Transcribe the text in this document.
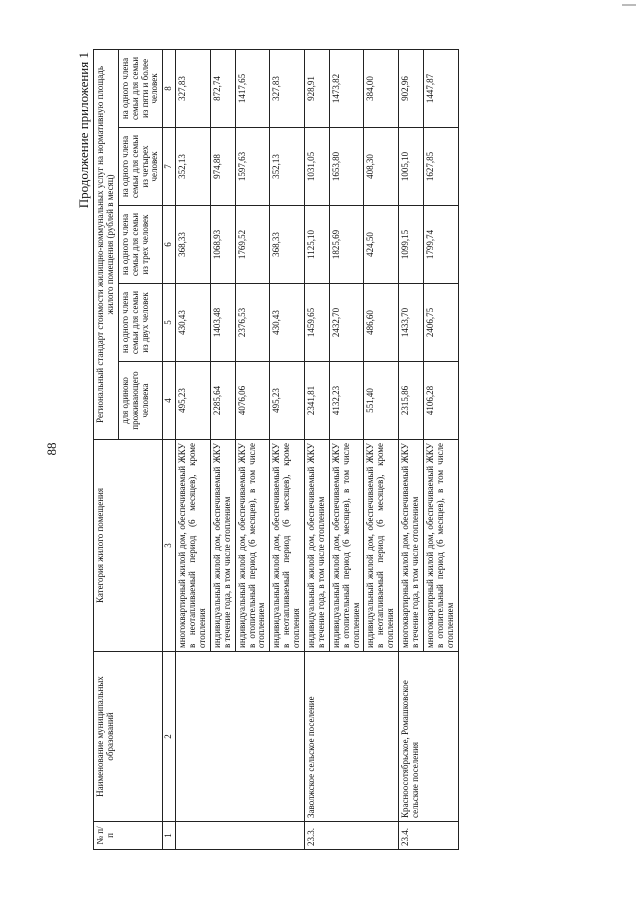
88
Продолжение приложения 1
№ п/п	Наименование муниципальных образований	Категория жилого помещения	Региональный стандарт стоимости жилищно-коммунальных услуг на нормативную площадь жилого помещения (рублей в месяц)				
			для одиноко проживающего человека	на одного члена семьи для семьи из двух человек	на одного члена семьи для семьи из трех человек	на одного члена семьи для семьи из четырех человек	на одного члена семьи для семьи из пяти и более человек
1	2	3	4	5	6	7	8
		многоквартирный жилой дом, обеспечиваемый ЖКУ в неотапливаемый период (6 месяцев), кроме отопления	495,23	430,43	368,33	352,13	327,83
		индивидуальный жилой дом, обеспечиваемый ЖКУ в течение года, в том числе отоплением	2285,64	1403,48	1068,93	974,88	872,74
		индивидуальный жилой дом, обеспечиваемый ЖКУ в отопительный период (6 месяцев), в том числе отоплением	4076,06	2376,53	1769,52	1597,63	1417,65
		индивидуальный жилой дом, обеспечиваемый ЖКУ в неотапливаемый период (6 месяцев), кроме отопления	495,23	430,43	368,33	352,13	327,83
23.3.	Заволжское сельское поселение	индивидуальный жилой дом, обеспечиваемый ЖКУ в течение года, в том числе отоплением	2341,81	1459,65	1125,10	1031,05	928,91
		индивидуальный жилой дом, обеспечиваемый ЖКУ в отопительный период (6 месяцев), в том числе отоплением	4132,23	2432,70	1825,69	1653,80	1473,82
		индивидуальный жилой дом, обеспечиваемый ЖКУ в неотапливаемый период (6 месяцев), кроме отопления	551,40	486,60	424,50	408,30	384,00
23.4.	Красноосотябрьское, Ромашковское сельские поселения	многоквартирный жилой дом, обеспечиваемый ЖКУ в течение года, в том числе отоплением	2315,86	1433,70	1099,15	1005,10	902,96
		многоквартирный жилой дом, обеспечиваемый ЖКУ в отопительный период (6 месяцев), в том числе отоплением	4106,28	2406,75	1799,74	1627,85	1447,87
